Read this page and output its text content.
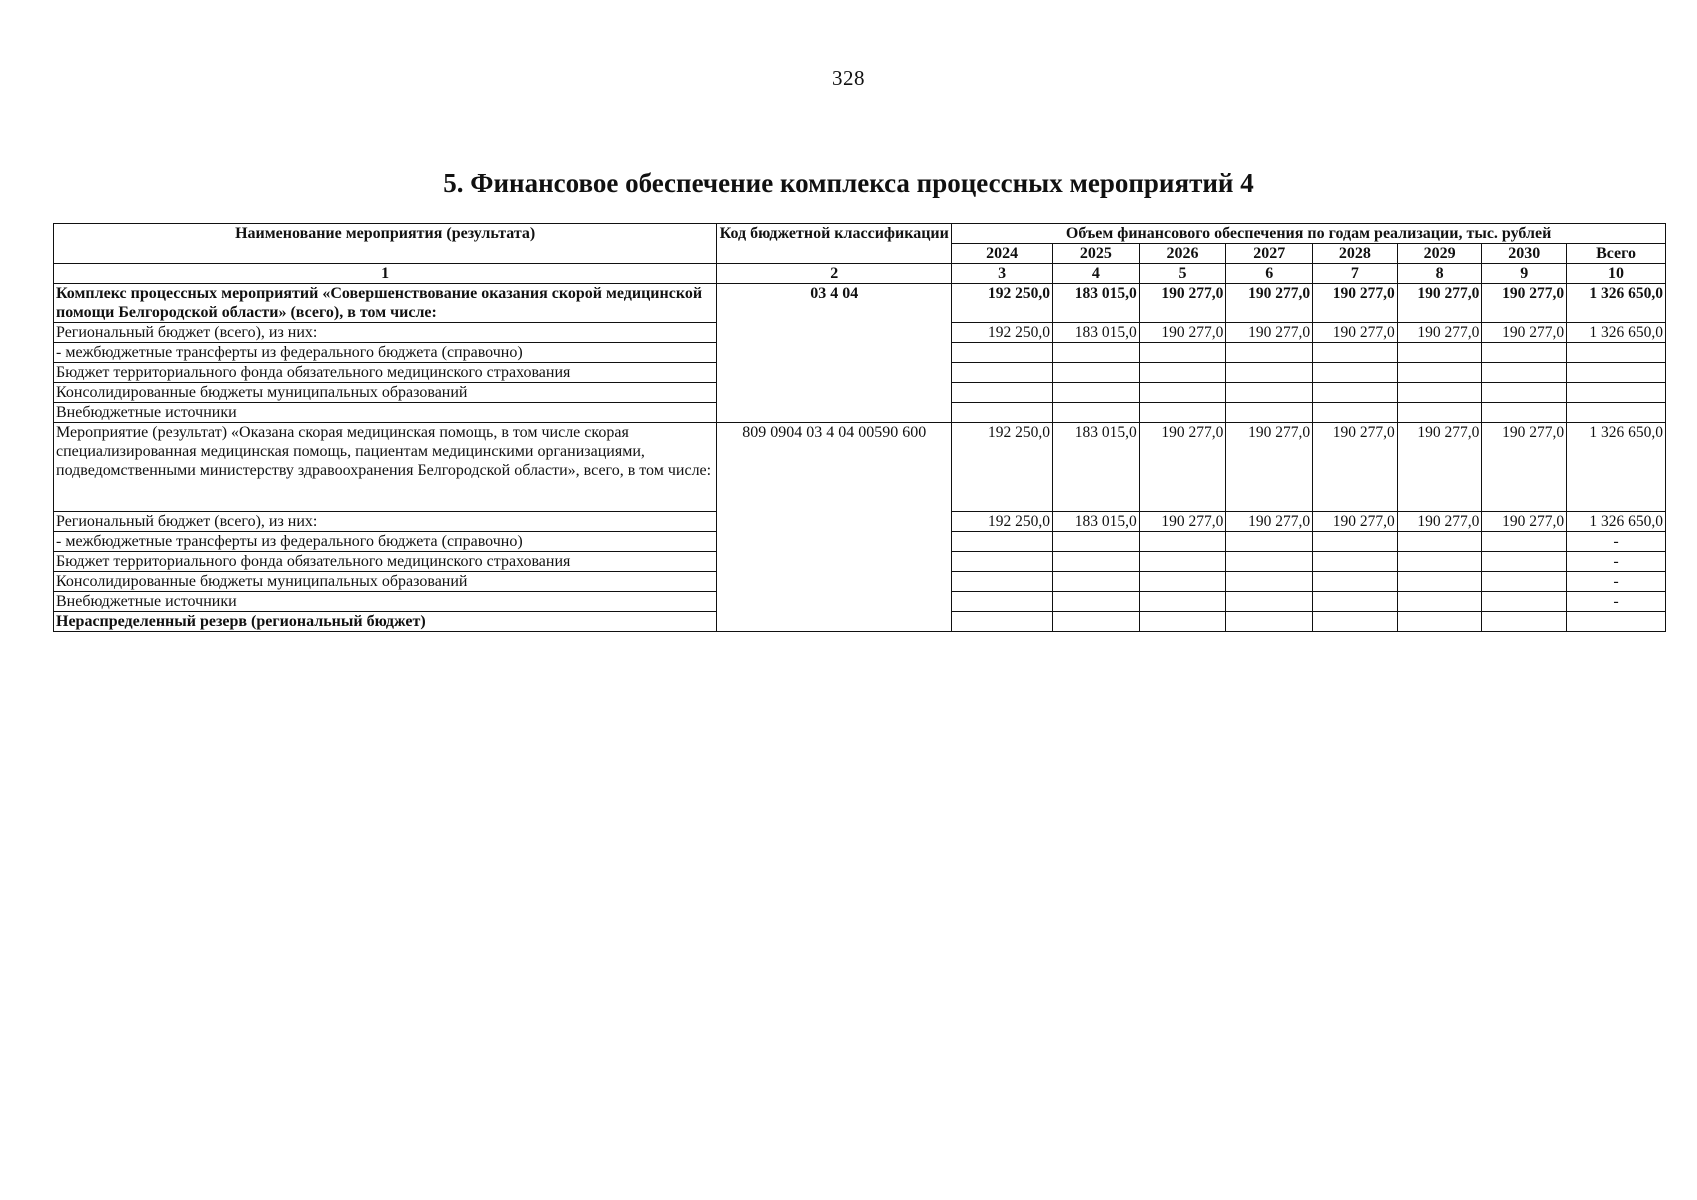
328
5. Финансовое обеспечение комплекса процессных мероприятий 4
Наименование мероприятия (результата)	Код бюджетной классификации	Объем финансового обеспечения по годам реализации, тыс. рублей							
		2024	2025	2026	2027	2028	2029	2030	Всего
1	2	3	4	5	6	7	8	9	10
Комплекс процессных мероприятий «Совершенствование оказания скорой медицинской помощи Белгородской области» (всего), в том числе:	03 4 04	192 250,0	183 015,0	190 277,0	190 277,0	190 277,0	190 277,0	190 277,0	1 326 650,0
Региональный бюджет (всего), из них:		192 250,0	183 015,0	190 277,0	190 277,0	190 277,0	190 277,0	190 277,0	1 326 650,0
- межбюджетные трансферты из федерального бюджета (справочно)									
Бюджет территориального фонда обязательного медицинского страхования									
Консолидированные бюджеты муниципальных образований									
Внебюджетные источники									
Мероприятие (результат) «Оказана скорая медицинская помощь, в том числе скорая специализированная медицинская помощь, пациентам медицинскими организациями, подведомственными министерству здравоохранения Белгородской области», всего, в том числе:	809 0904 03 4 04 00590 600	192 250,0	183 015,0	190 277,0	190 277,0	190 277,0	190 277,0	190 277,0	1 326 650,0
Региональный бюджет (всего), из них:		192 250,0	183 015,0	190 277,0	190 277,0	190 277,0	190 277,0	190 277,0	1 326 650,0
- межбюджетные трансферты из федерального бюджета (справочно)									-
Бюджет территориального фонда обязательного медицинского страхования									-
Консолидированные бюджеты муниципальных образований									-
Внебюджетные источники									-
Нераспределенный резерв (региональный бюджет)									
